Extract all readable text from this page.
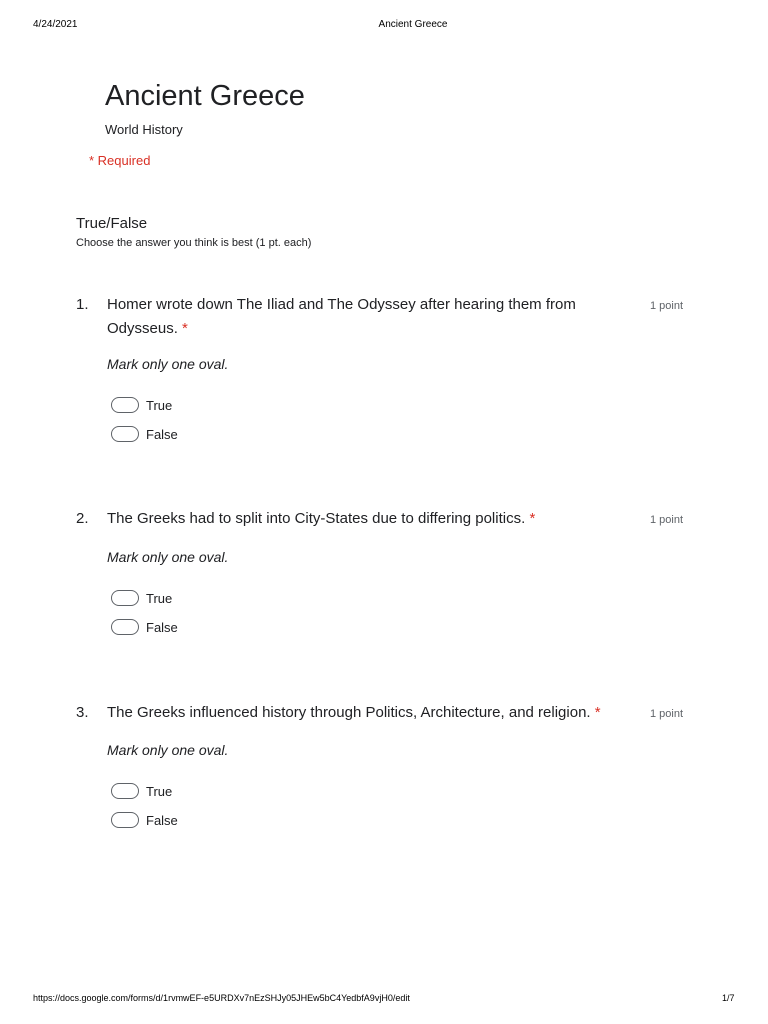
4/24/2021	Ancient Greece
Ancient Greece
World History
* Required
True/False
Choose the answer you think is best (1 pt. each)
1. Homer wrote down The Iliad and The Odyssey after hearing them from Odysseus. *
1 point
Mark only one oval.
True
False
2. The Greeks had to split into City-States due to differing politics. *	1 point
Mark only one oval.
True
False
3. The Greeks influenced history through Politics, Architecture, and religion. *	1 point
Mark only one oval.
True
False
https://docs.google.com/forms/d/1rvmwEF-e5URDXv7nEzSHJy05JHEw5bC4YedbfA9vjH0/edit	1/7
